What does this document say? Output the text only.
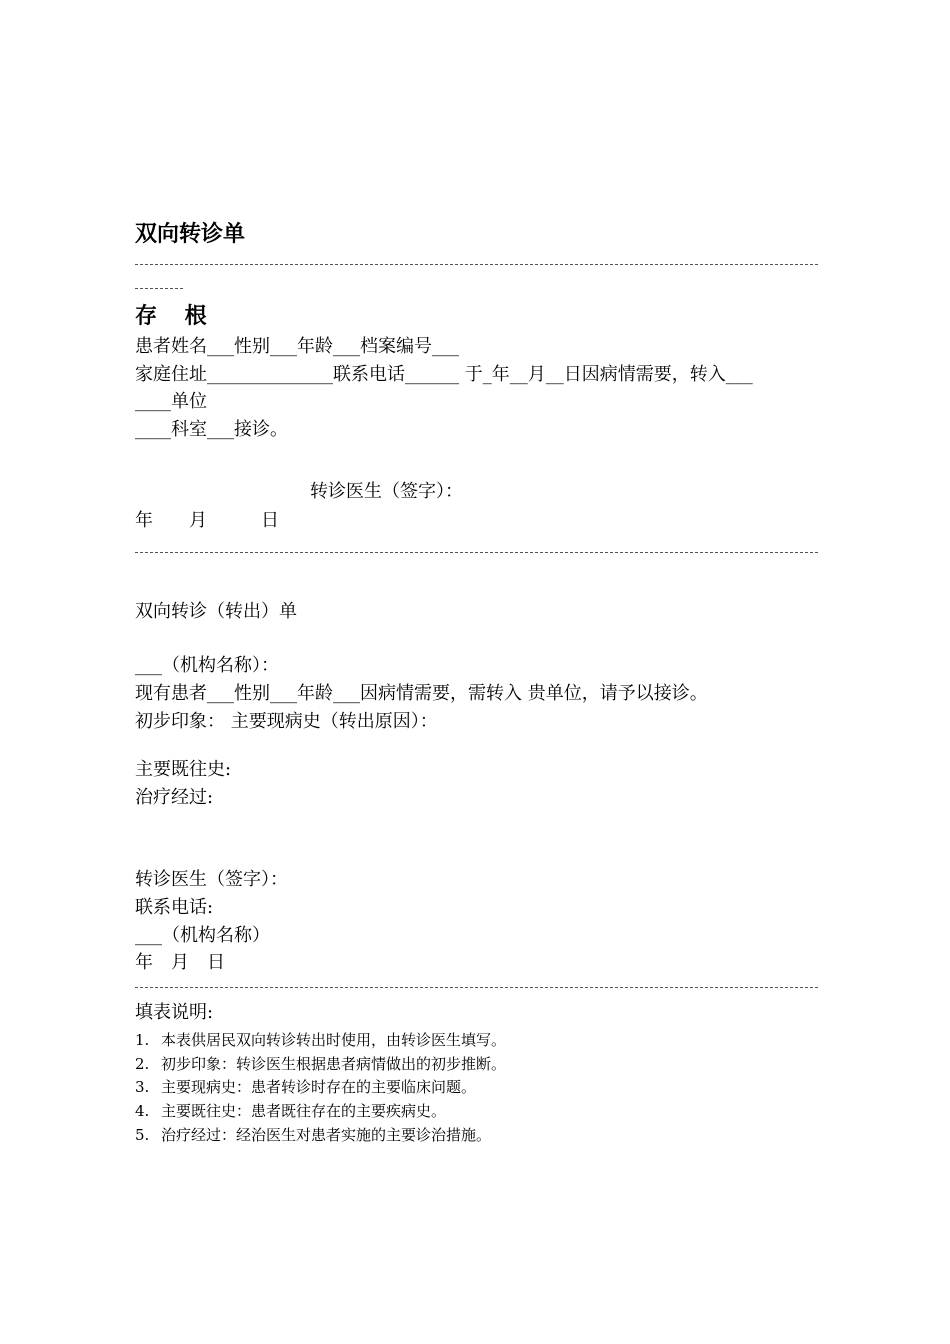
双向转诊单
存 根
患者姓名___性别___年龄___档案编号___
家庭住址______________联系电话______ 于_年__月__日因病情需要，转入___
____单位
____科室___接诊。
转诊医生（签字）：
年　　月　　　日
双向转诊（转出）单
___（机构名称）：
现有患者___性别___年龄___因病情需要，需转入 贵单位，请予以接诊。
初步印象： 主要现病史（转出原因）：
主要既往史:
治疗经过:
转诊医生（签字）：
联系电话:
___（机构名称）
年　月　日
填表说明:
1. 本表供居民双向转诊转出时使用，由转诊医生填写。
2. 初步印象：转诊医生根据患者病情做出的初步推断。
3. 主要现病史：患者转诊时存在的主要临床问题。
4. 主要既往史：患者既往存在的主要疾病史。
5. 治疗经过：经治医生对患者实施的主要诊治措施。
